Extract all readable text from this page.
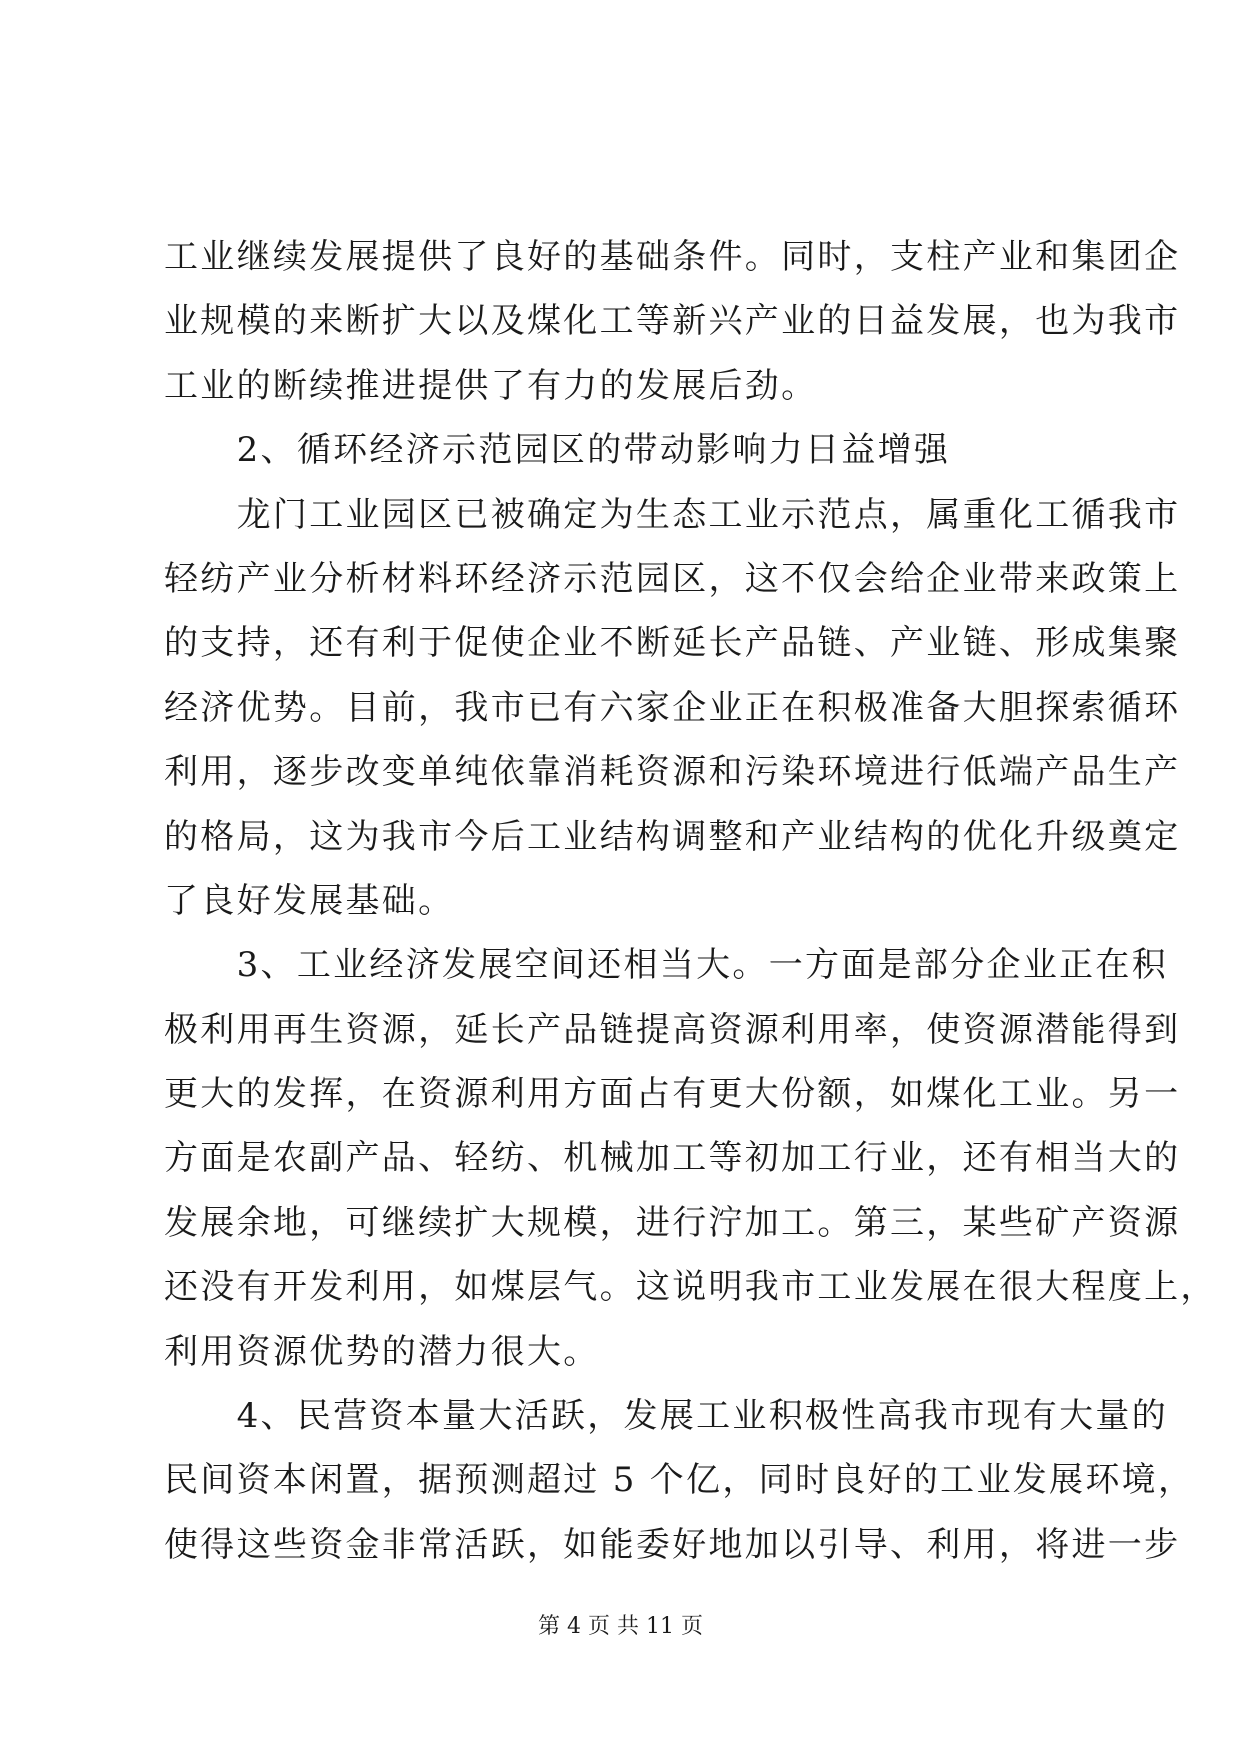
工业继续发展提供了良好的基础条件。同时，支柱产业和集团企
业规模的来断扩大以及煤化工等新兴产业的日益发展，也为我市
工业的断续推进提供了有力的发展后劲。
　　2、循环经济示范园区的带动影响力日益增强
　　龙门工业园区已被确定为生态工业示范点，属重化工循我市
轻纺产业分析材料环经济示范园区，这不仅会给企业带来政策上
的支持，还有利于促使企业不断延长产品链、产业链、形成集聚
经济优势。目前，我市已有六家企业正在积极准备大胆探索循环
利用，逐步改变单纯依靠消耗资源和污染环境进行低端产品生产
的格局，这为我市今后工业结构调整和产业结构的优化升级奠定
了良好发展基础。
　　3、工业经济发展空间还相当大。一方面是部分企业正在积
极利用再生资源，延长产品链提高资源利用率，使资源潜能得到
更大的发挥，在资源利用方面占有更大份额，如煤化工业。另一
方面是农副产品、轻纺、机械加工等初加工行业，还有相当大的
发展余地，可继续扩大规模，进行泞加工。第三，某些矿产资源
还没有开发利用，如煤层气。这说明我市工业发展在很大程度上，
利用资源优势的潜力很大。
　　4、民营资本量大活跃，发展工业积极性高我市现有大量的
民间资本闲置，据预测超过 5 个亿，同时良好的工业发展环境，
使得这些资金非常活跃，如能委好地加以引导、利用，将进一步
第 4 页 共 11 页
